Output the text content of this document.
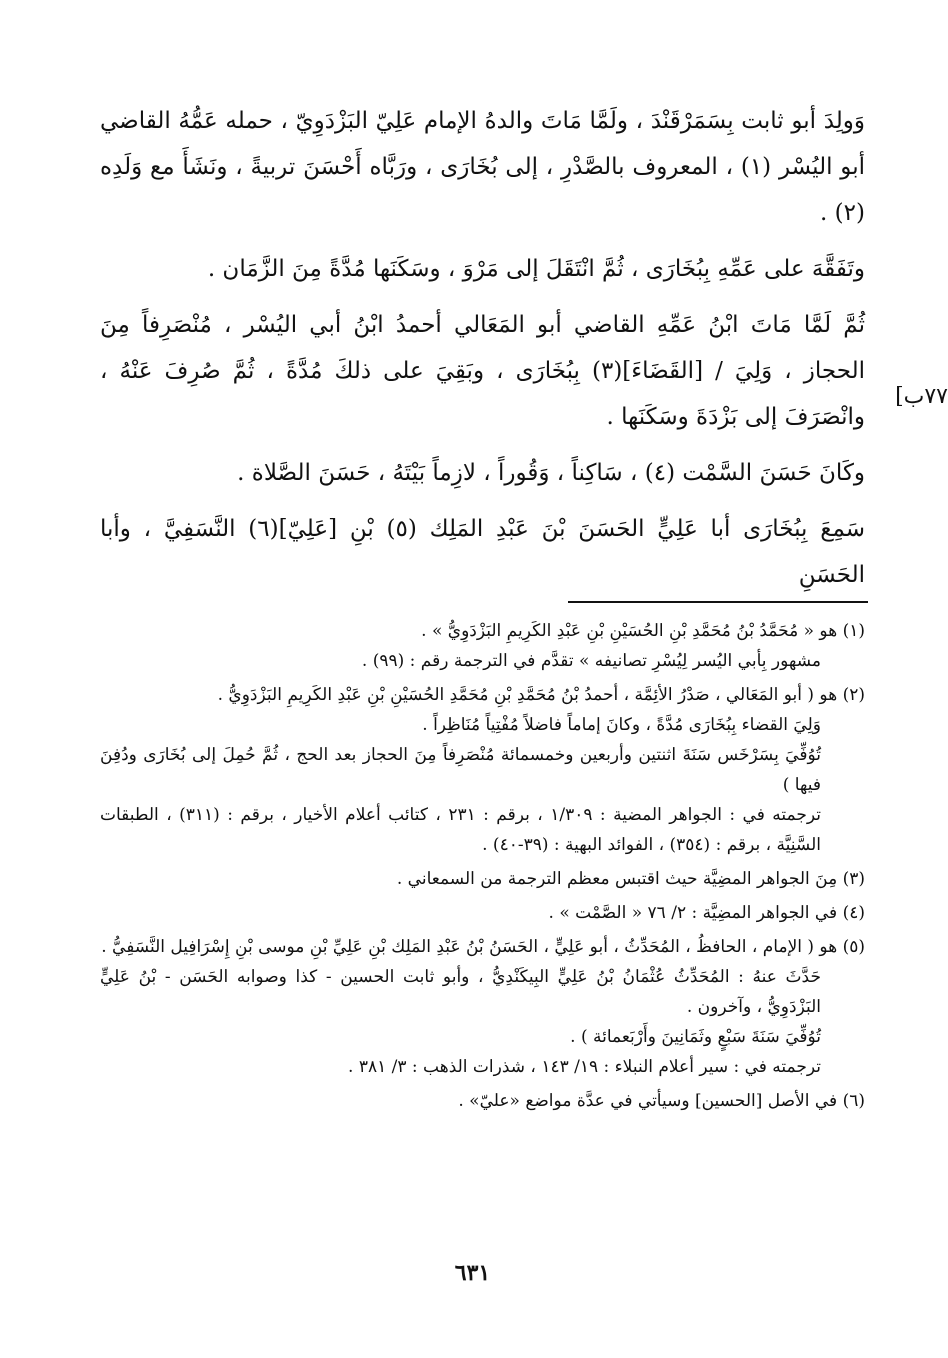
٧٧ب]

وَولِدَ أبو ثابت بِسَمَرْقَنْدَ ، ولَمَّا مَاتَ والدهُ الإمام عَلِيّ البَزْدَوِيّ ، حمله عَمُّهُ القاضي أبو اليُسْر (١) ، المعروف بالصَّدْرِ ، إلى بُخَارَى ، ورَبَّاه أَحْسَنَ تربيةً ، ونَشَأَ مع وَلَدِه (٢) .

وتَفَقَّهَ على عَمِّهِ بِبُخَارَى ، ثُمَّ انْتَقَلَ إلى مَرْوَ ، وسَكَنَها مُدَّةً مِنَ الزَّمَان .

ثُمَّ لَمَّا مَاتَ ابْنُ عَمِّهِ القاضي أبو المَعَالي أحمدُ ابْنُ أبي اليُسْر ، مُنْصَرِفاً مِنَ الحجاز ، وَلِيَ / [القَضَاءَ](٣) بِبُخَارَى ، وبَقِيَ على ذلكَ مُدَّةً ، ثُمَّ صُرِفَ عَنْهُ ، وانْصَرَفَ إلى بَزْدَةَ وسَكَنَها .

وكَانَ حَسَنَ السَّمْت (٤) ، سَاكِناً ، وَقُوراً ، لازِماً بَيْتَهُ ، حَسَنَ الصَّلاة .

سَمِعَ بِبُخَارَى أبا عَلِيٍّ الحَسَنَ بْنَ عَبْدِ المَلِك (٥) بْنِ [عَلِيّ](٦) النَّسَفِيَّ ، وأبا الحَسَنِ

(١) هو « مُحَمَّدُ بْنُ مُحَمَّدِ بْنِ الحُسَيْنِ بْنِ عَبْدِ الكَرِيمِ البَزْدَوِيُّ » .
مشهور بِأبي اليُسر لِيُسْرِ تصانيفه » تقدَّم في الترجمة رقم : (٩٩) .
(٢) هو ( أبو المَعَالي ، صَدْرُ الأئِمَّة ، أحمدُ بْنُ مُحَمَّدِ بْنِ مُحَمَّدِ الحُسَيْنِ بْنِ عَبْدِ الكَرِيمِ البَزْدَوِيُّ .
وَلِيَ القضاء بِبُخَارَى مُدَّةً ، وكانَ إماماً فاضلاً مُفْتِياً مُنَاظِراً .
تُوُفِّيَ بِسَرْخَس سَنَةَ اثنتين وأربعين وخمسمائة مُنْصَرِفاً مِنَ الحجاز بعد الحج ، ثُمَّ حُمِلَ إلى بُخَارَى ودُفِنَ فيها )
ترجمته في : الجواهر المضية : ١/٣٠٩ ، برقم : ٢٣١ ، كتائب أعلام الأخيار ، برقم : (٣١١) ، الطبقات السَّنِيَّة ، برقم : (٣٥٤) ، الفوائد البهية : (٣٩-٤٠) .
(٣) مِنَ الجواهر المضِيَّة حيث اقتبس معظم الترجمة من السمعاني .
(٤) في الجواهر المضِيَّة : ٢/ ٧٦ « الصَّمْت » .
(٥) هو ( الإمام ، الحافظُ ، المُحَدِّثُ ، أبو عَلِيٍّ ، الحَسَنُ بْنُ عَبْدِ المَلِك بْنِ عَلِيِّ بْنِ موسى بْنِ إِسْرَافِيل النَّسَفِيُّ .
حَدَّثَ عنهُ : المُحَدِّثُ عُثْمَانُ بْنُ عَلِيٍّ البِيكَنْدِيُّ ، وأبو ثابت الحسين - كذا وصوابه الحَسَن - بْنُ عَلِيٍّ البَزْدَوِيُّ ، وآخرون .
تُوُفِّيَ سَنَةَ سَبْعٍ وثَمَانِينَ وأَرْبَعمائة ) .
ترجمته في : سير أعلام النبلاء : ١٩/ ١٤٣ ، شذرات الذهب : ٣/ ٣٨١ .
(٦) في الأصل [الحسين] وسيأتي في عدَّة مواضع «عليّ» .
٦٣١
